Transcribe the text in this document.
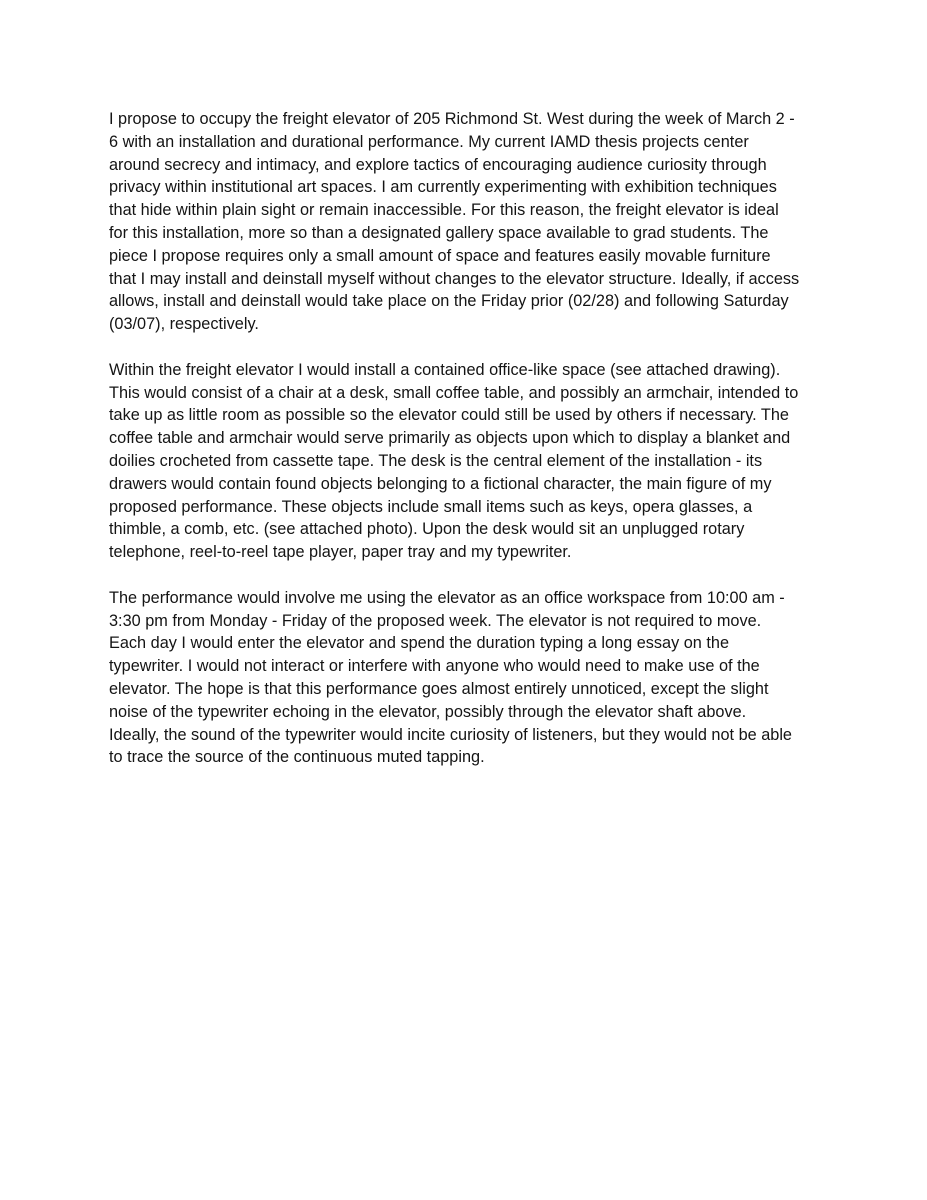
I propose to occupy the freight elevator of 205 Richmond St. West during the week of March 2 -
6 with an installation and durational performance. My current IAMD thesis projects center
around secrecy and intimacy, and explore tactics of encouraging audience curiosity through
privacy within institutional art spaces. I am currently experimenting with exhibition techniques
that hide within plain sight or remain inaccessible. For this reason, the freight elevator is ideal
for this installation, more so than a designated gallery space available to grad students. The
piece I propose requires only a small amount of space and features easily movable furniture
that I may install and deinstall myself without changes to the elevator structure. Ideally, if access
allows, install and deinstall would take place on the Friday prior (02/28) and following Saturday
(03/07), respectively.

Within the freight elevator I would install a contained office-like space (see attached drawing).
This would consist of a chair at a desk, small coffee table, and possibly an armchair, intended to
take up as little room as possible so the elevator could still be used by others if necessary. The
coffee table and armchair would serve primarily as objects upon which to display a blanket and
doilies crocheted from cassette tape. The desk is the central element of the installation - its
drawers would contain found objects belonging to a fictional character, the main figure of my
proposed performance. These objects include small items such as keys, opera glasses, a
thimble, a comb, etc. (see attached photo). Upon the desk would sit an unplugged rotary
telephone, reel-to-reel tape player, paper tray and my typewriter.

The performance would involve me using the elevator as an office workspace from 10:00 am -
3:30 pm from Monday - Friday of the proposed week. The elevator is not required to move.
Each day I would enter the elevator and spend the duration typing a long essay on the
typewriter. I would not interact or interfere with anyone who would need to make use of the
elevator. The hope is that this performance goes almost entirely unnoticed, except the slight
noise of the typewriter echoing in the elevator, possibly through the elevator shaft above.
Ideally, the sound of the typewriter would incite curiosity of listeners, but they would not be able
to trace the source of the continuous muted tapping.
